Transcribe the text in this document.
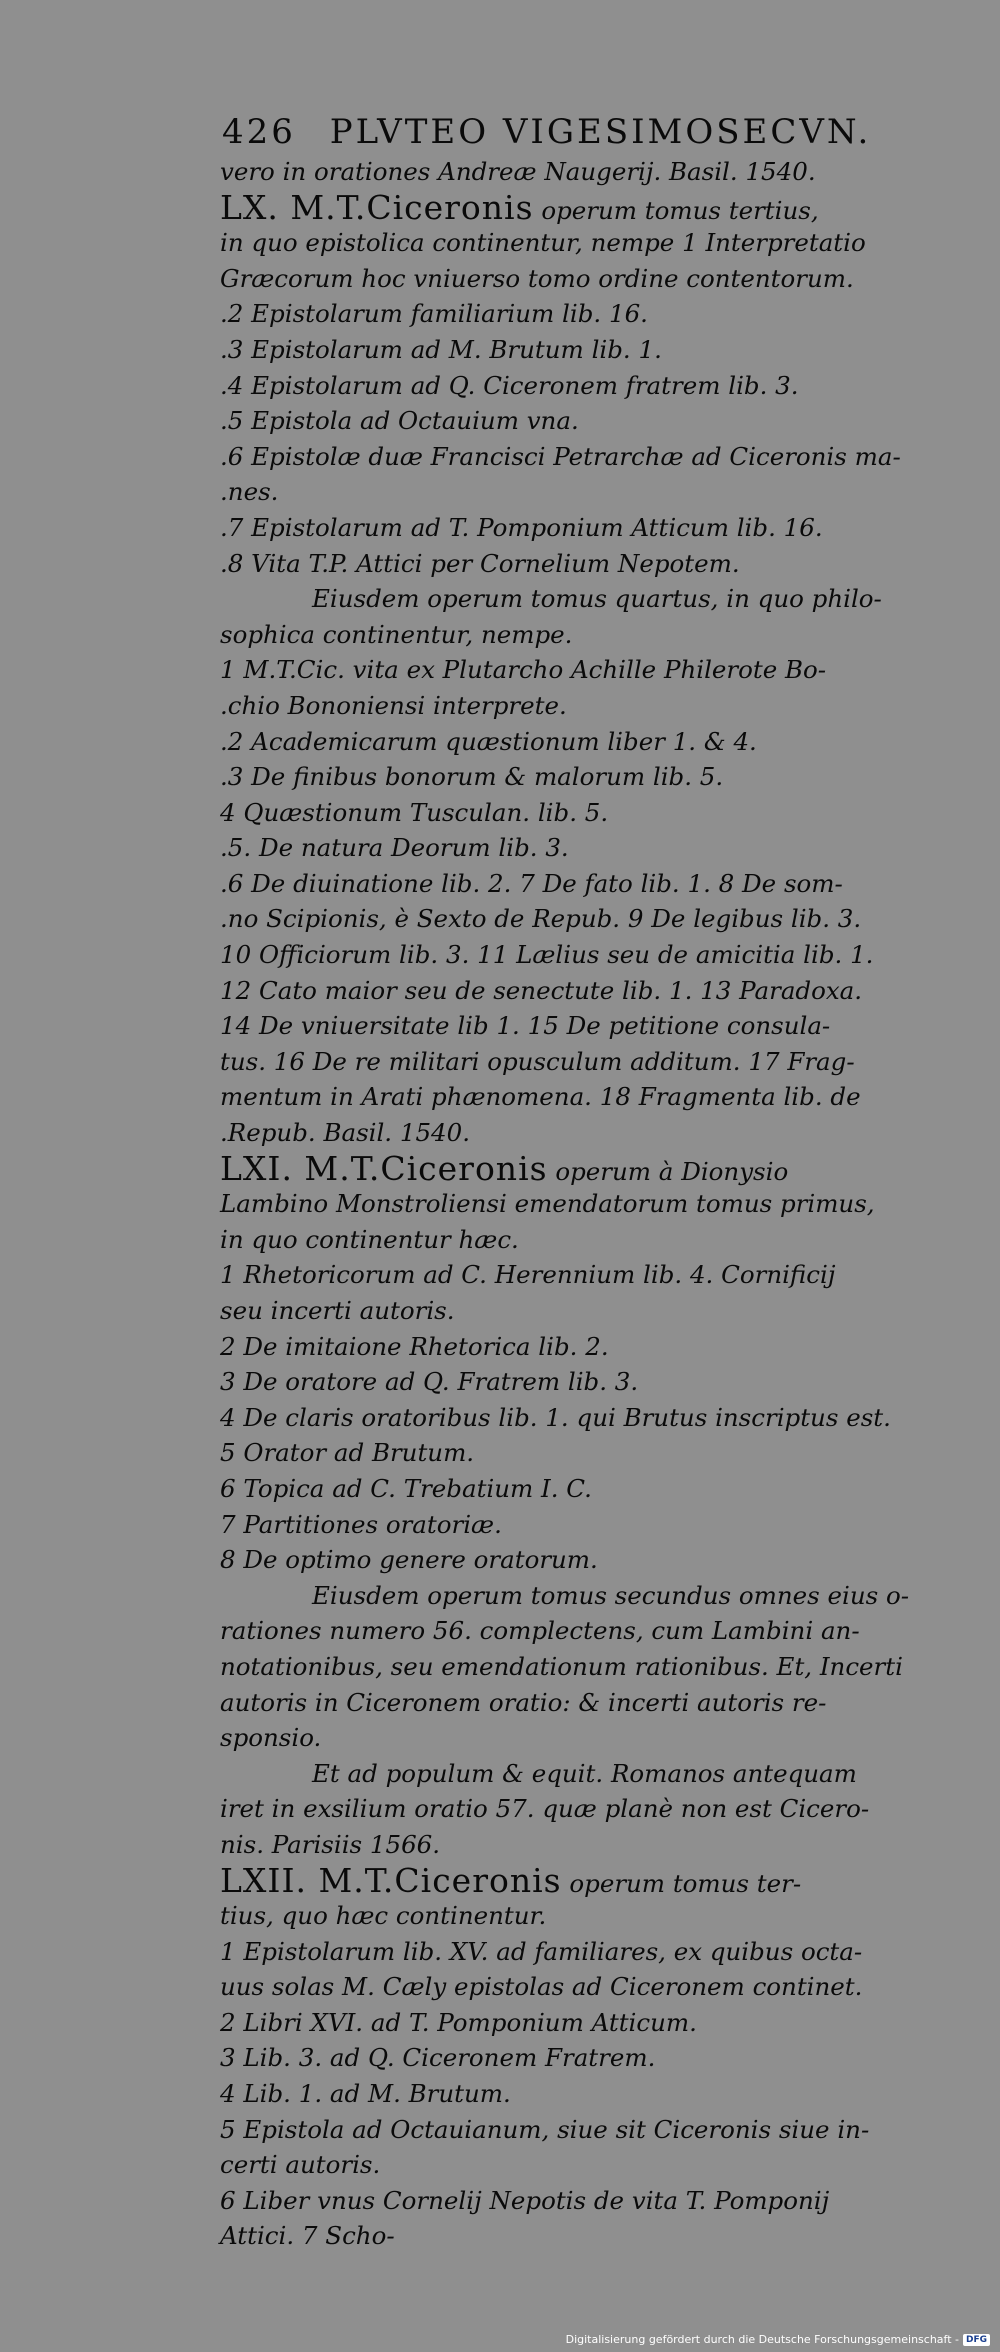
426 PLVTEO VIGESIMOSECVN.
vero in orationes Andreæ Naugerij. Basil. 1540.
LX. M.T.Ciceronis operum tomus tertius,
in quo epistolica continentur, nempe 1 Interpretatio
Græcorum hoc vniuerso tomo ordine contentorum.
.2 Epistolarum familiarium lib. 16.
.3 Epistolarum ad M. Brutum lib. 1.
.4 Epistolarum ad Q. Ciceronem fratrem lib. 3.
.5 Epistola ad Octauium vna.
.6 Epistolæ duæ Francisci Petrarchæ ad Ciceronis ma-
.nes.
.7 Epistolarum ad T. Pomponium Atticum lib. 16.
.8 Vita T.P. Attici per Cornelium Nepotem.
Eiusdem operum tomus quartus, in quo philo-
sophica continentur, nempe.
1 M.T.Cic. vita ex Plutarcho Achille Philerote Bo-
.chio Bononiensi interprete.
.2 Academicarum quæstionum liber 1. & 4.
.3 De finibus bonorum & malorum lib. 5.
4 Quæstionum Tusculan. lib. 5.
.5. De natura Deorum lib. 3.
.6 De diuinatione lib. 2. 7 De fato lib. 1. 8 De som-
.no Scipionis, è Sexto de Repub. 9 De legibus lib. 3.
10 Officiorum lib. 3. 11 Lælius seu de amicitia lib. 1.
12 Cato maior seu de senectute lib. 1. 13 Paradoxa.
14 De vniuersitate lib 1. 15 De petitione consula-
tus. 16 De re militari opusculum additum. 17 Frag-
mentum in Arati phænomena. 18 Fragmenta lib. de
.Repub. Basil. 1540.
LXI. M.T.Ciceronis operum à Dionysio
Lambino Monstroliensi emendatorum tomus primus,
in quo continentur hæc.
1 Rhetoricorum ad C. Herennium lib. 4. Cornificij
seu incerti autoris.
2 De imitaione Rhetorica lib. 2.
3 De oratore ad Q. Fratrem lib. 3.
4 De claris oratoribus lib. 1. qui Brutus inscriptus est.
5 Orator ad Brutum.
6 Topica ad C. Trebatium I. C.
7 Partitiones oratoriæ.
8 De optimo genere oratorum.
Eiusdem operum tomus secundus omnes eius o-
rationes numero 56. complectens, cum Lambini an-
notationibus, seu emendationum rationibus. Et, Incerti
autoris in Ciceronem oratio: & incerti autoris re-
sponsio.
Et ad populum & equit. Romanos antequam
iret in exsilium oratio 57. quæ planè non est Cicero-
nis. Parisiis 1566.
LXII. M.T.Ciceronis operum tomus ter-
tius, quo hæc continentur.
1 Epistolarum lib. XV. ad familiares, ex quibus octa-
uus solas M. Cæly epistolas ad Ciceronem continet.
2 Libri XVI. ad T. Pomponium Atticum.
3 Lib. 3. ad Q. Ciceronem Fratrem.
4 Lib. 1. ad M. Brutum.
5 Epistola ad Octauianum, siue sit Ciceronis siue in-
certi autoris.
6 Liber vnus Cornelij Nepotis de vita T. Pomponij
Attici. 7 Scho-
Digitalisierung gefördert durch die Deutsche Forschungsgemeinschaft - DFG
